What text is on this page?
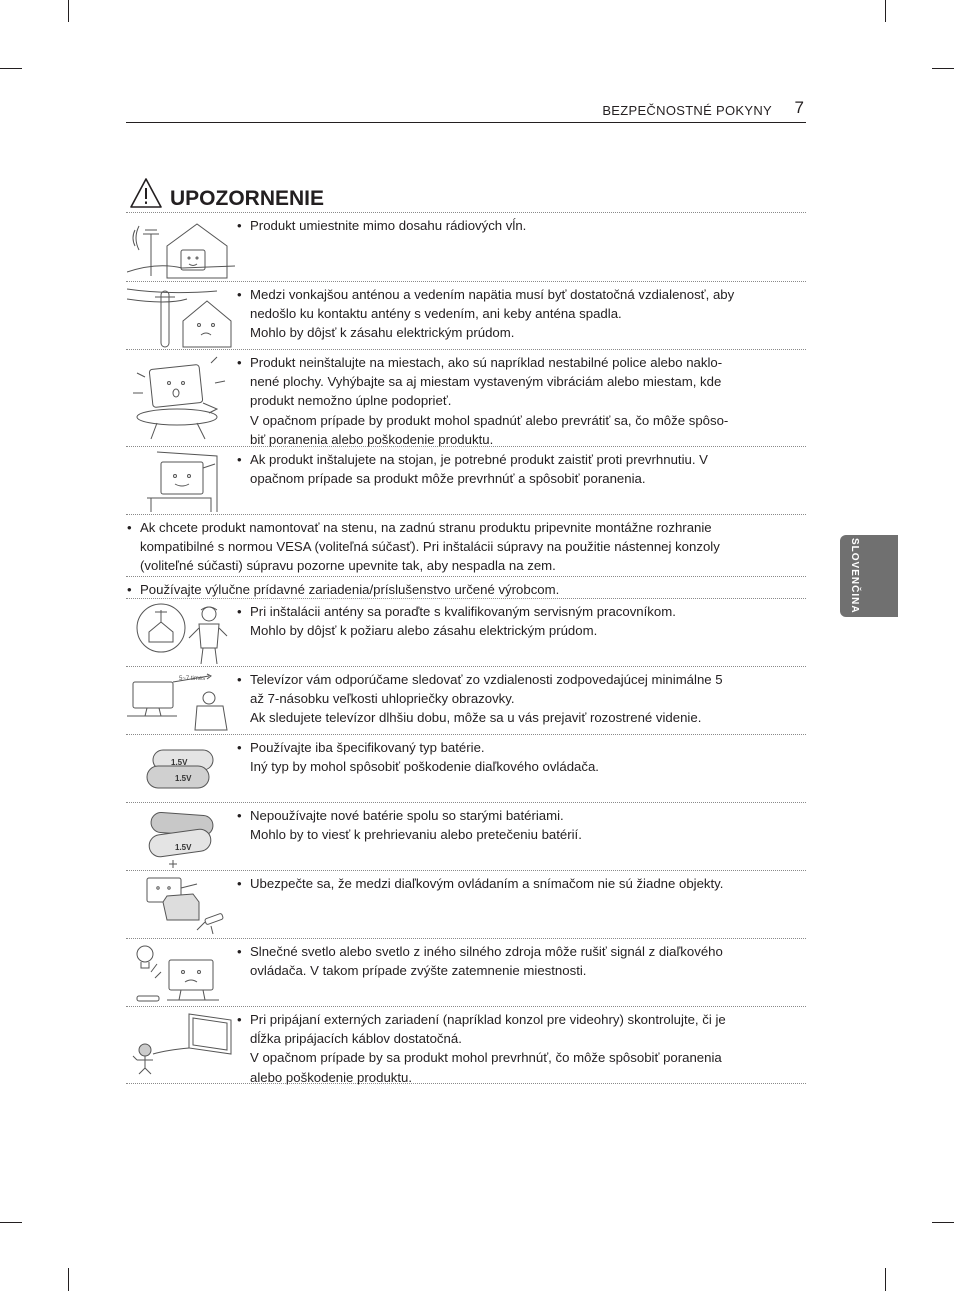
BEZPEČNOSTNÉ POKYNY 7
SLOVENČINA
UPOZORNENIE
• Produkt umiestnite mimo dosahu rádiových vĺn.
• Medzi vonkajšou anténou a vedením napätia musí byť dostatočná vzdialenosť, aby
nedošlo ku kontaktu antény s vedením, ani keby anténa spadla.
Mohlo by dôjsť k zásahu elektrickým prúdom.
• Produkt neinštalujte na miestach, ako sú napríklad nestabilné police alebo naklo-
nené plochy. Vyhýbajte sa aj miestam vystaveným vibráciám alebo miestam, kde
produkt nemožno úplne podoprieť.
V opačnom prípade by produkt mohol spadnúť alebo prevrátiť sa, čo môže spôso-
biť poranenia alebo poškodenie produktu.
• Ak produkt inštalujete na stojan, je potrebné produkt zaistiť proti prevrhnutiu. V
opačnom prípade sa produkt môže prevrhnúť a spôsobiť poranenia.
• Ak chcete produkt namontovať na stenu, na zadnú stranu produktu pripevnite montážne rozhranie
kompatibilné s normou VESA (voliteľná súčasť). Pri inštalácii súpravy na použitie nástennej konzoly
(voliteľné súčasti) súpravu pozorne upevnite tak, aby nespadla na zem.
• Používajte výlučne prídavné zariadenia/príslušenstvo určené výrobcom.
• Pri inštalácii antény sa poraďte s kvalifikovaným servisným pracovníkom.
Mohlo by dôjsť k požiaru alebo zásahu elektrickým prúdom.
5~7 times • Televízor vám odporúčame sledovať zo vzdialenosti zodpovedajúcej minimálne 5
až 7-násobku veľkosti uhlopriečky obrazovky.
Ak sledujete televízor dlhšiu dobu, môže sa u vás prejaviť rozostrené videnie.
1.5V
1.5V
• Používajte iba špecifikovaný typ batérie.
Iný typ by mohol spôsobiť poškodenie diaľkového ovládača.
1.5V
• Nepoužívajte nové batérie spolu so starými batériami.
Mohlo by to viesť k prehrievaniu alebo pretečeniu batérií.
• Ubezpečte sa, že medzi diaľkovým ovládaním a snímačom nie sú žiadne objekty.
• Slnečné svetlo alebo svetlo z iného silného zdroja môže rušiť signál z diaľkového
ovládača. V takom prípade zvýšte zatemnenie miestnosti.
• Pri pripájaní externých zariadení (napríklad konzol pre videohry) skontrolujte, či je
dĺžka pripájacích káblov dostatočná.
V opačnom prípade by sa produkt mohol prevrhnúť, čo môže spôsobiť poranenia
alebo poškodenie produktu.
